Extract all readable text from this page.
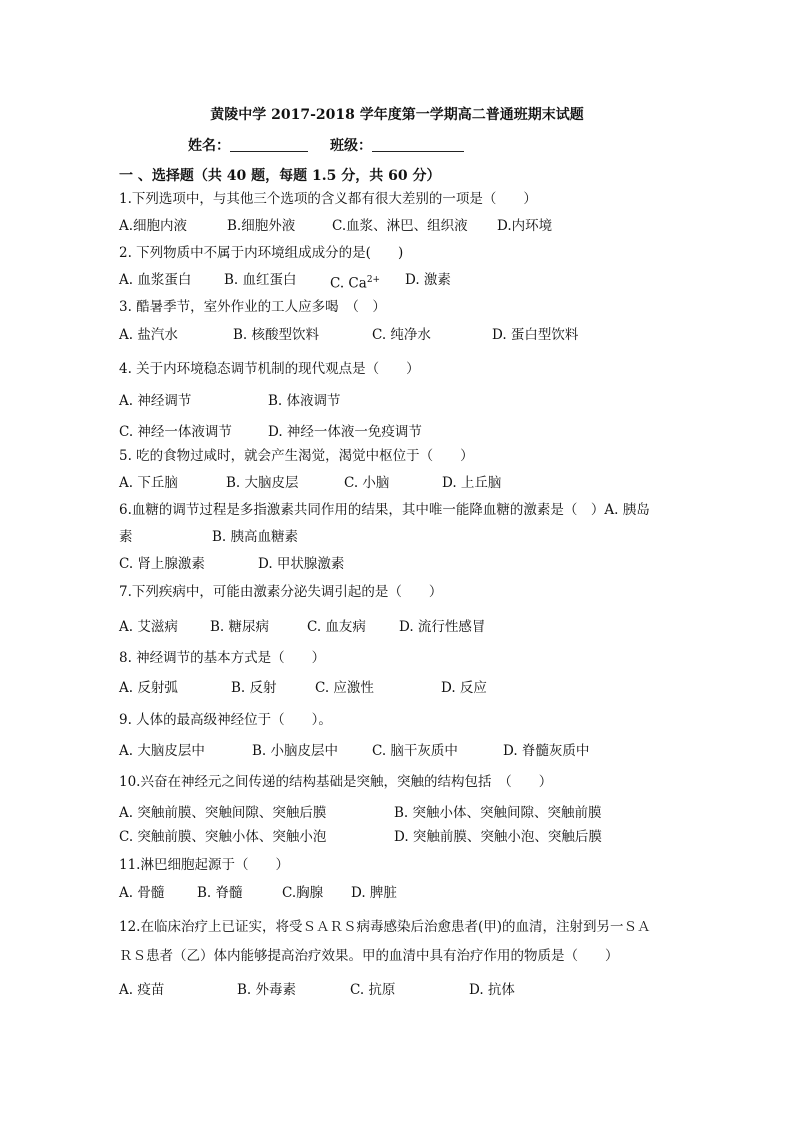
黄陵中学 2017-2018 学年度第一学期高二普通班期末试题
姓名：	班级：
一 、选择题（共 40 题，每题 1.5 分，共 60 分）
1.下列选项中，与其他三个选项的含义都有很大差别的一项是（　　）
A.细胞内液	B.细胞外液	C.血浆、淋巴、组织液 D.内环境
2. 下列物质中不属于内环境组成成分的是(　　)
A. 血浆蛋白 B. 血红蛋白 C. $Ca^{2+}$ D. 激素
3. 酷暑季节，室外作业的工人应多喝　（　）
A. 盐汽水	B. 核酸型饮料	C. 纯净水	D. 蛋白型饮料
4. 关于内环境稳态调节机制的现代观点是（　　）
A. 神经调节	B. 体液调节
C. 神经一体液调节	D. 神经一体液一免疫调节
5. 吃的食物过咸时，就会产生渴觉，渴觉中枢位于（　　）
A. 下丘脑	B. 大脑皮层	C. 小脑	D. 上丘脑
6.血糖的调节过程是多指激素共同作用的结果，其中唯一能降血糖的激素是（　）A. 胰岛
素	B. 胰高血糖素
C. 肾上腺激素	D. 甲状腺激素
7.下列疾病中，可能由激素分泌失调引起的是（　　）
A. 艾滋病 B. 糖尿病	C. 血友病 D. 流行性感冒
8. 神经调节的基本方式是（　　）
A. 反射弧	B. 反射	C. 应激性	D. 反应
9. 人体的最高级神经位于（　　）。
A. 大脑皮层中	B. 小脑皮层中	C. 脑干灰质中	D. 脊髓灰质中
10.兴奋在神经元之间传递的结构基础是突触，突触的结构包括　（　　）
A. 突触前膜、突触间隙、突触后膜	B. 突触小体、突触间隙、突触前膜
C. 突触前膜、突触小体、突触小泡	D. 突触前膜、突触小泡、突触后膜
11.淋巴细胞起源于（　　）
A. 骨髓 B. 脊髓	C.胸腺 D. 脾脏
12.在临床治疗上已证实，将受ＳＡＲＳ病毒感染后治愈患者(甲)的血清，注射到另一ＳＡ
ＲＳ患者（乙）体内能够提高治疗效果。甲的血清中具有治疗作用的物质是（　　）
A. 疫苗	B. 外毒素	C. 抗原	D. 抗体
